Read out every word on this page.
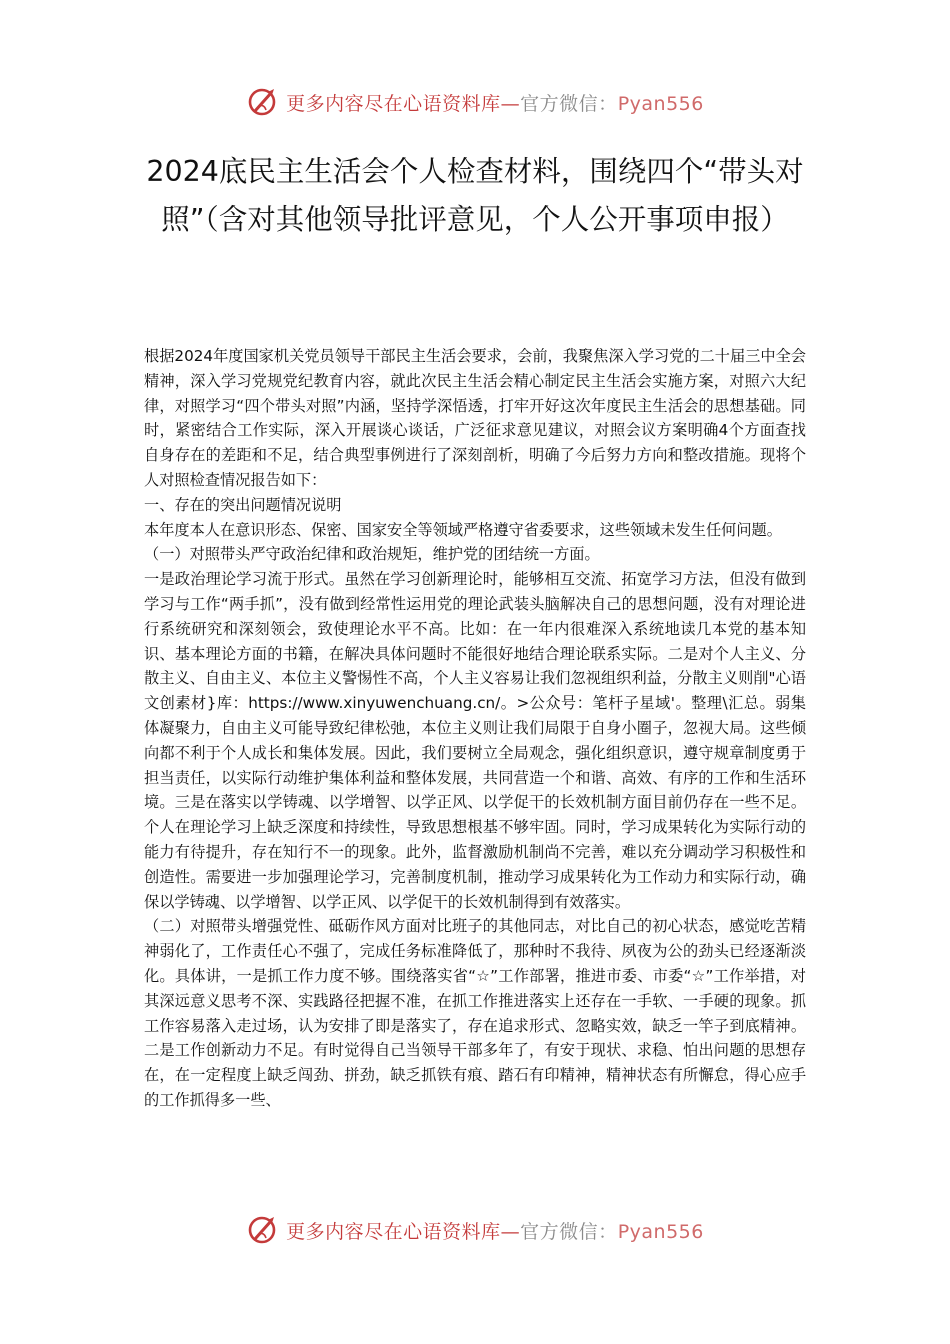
更多内容尽在心语资料库—官方微信：Pyan556
2024底民主生活会个人检查材料，围绕四个“带头对照”（含对其他领导批评意见，个人公开事项申报）

根据2024年度国家机关党员领导干部民主生活会要求，会前，我聚焦深入学习党的二十届三中全会精神，深入学习党规党纪教育内容，就此次民主生活会精心制定民主生活会实施方案，对照六大纪律，对照学习“四个带头对照”内涵，坚持学深悟透，打牢开好这次年度民主生活会的思想基础。同时，紧密结合工作实际，深入开展谈心谈话，广泛征求意见建议，对照会议方案明确4个方面查找自身存在的差距和不足，结合典型事例进行了深刻剖析，明确了今后努力方向和整改措施。现将个人对照检查情况报告如下：

一、存在的突出问题情况说明

本年度本人在意识形态、保密、国家安全等领域严格遵守省委要求，这些领域未发生任何问题。

（一）对照带头严守政治纪律和政治规矩，维护党的团结统一方面。

一是政治理论学习流于形式。虽然在学习创新理论时，能够相互交流、拓宽学习方法，但没有做到学习与工作“两手抓”，没有做到经常性运用党的理论武装头脑解决自己的思想问题，没有对理论进行系统研究和深刻领会，致使理论水平不高。比如：在一年内很难深入系统地读几本党的基本知识、基本理论方面的书籍，在解决具体问题时不能很好地结合理论联系实际。二是对个人主义、分散主义、自由主义、本位主义警惕性不高，个人主义容易让我们忽视组织利益，分散主义则削"心语文创素材}库：https://www.xinyuwenchuang.cn/。>公众号：笔杆子星域'。整理\汇总。弱集体凝聚力，自由主义可能导致纪律松弛，本位主义则让我们局限于自身小圈子，忽视大局。这些倾向都不利于个人成长和集体发展。因此，我们要树立全局观念，强化组织意识，遵守规章制度勇于担当责任，以实际行动维护集体利益和整体发展，共同营造一个和谐、高效、有序的工作和生活环境。三是在落实以学铸魂、以学增智、以学正风、以学促干的长效机制方面目前仍存在一些不足。个人在理论学习上缺乏深度和持续性，导致思想根基不够牢固。同时，学习成果转化为实际行动的能力有待提升，存在知行不一的现象。此外，监督激励机制尚不完善，难以充分调动学习积极性和创造性。需要进一步加强理论学习，完善制度机制，推动学习成果转化为工作动力和实际行动，确保以学铸魂、以学增智、以学正风、以学促干的长效机制得到有效落实。

（二）对照带头增强党性、砥砺作风方面对比班子的其他同志，对比自己的初心状态，感觉吃苦精神弱化了，工作责任心不强了，完成任务标准降低了，那种时不我待、夙夜为公的劲头已经逐渐淡化。具体讲，一是抓工作力度不够。围绕落实省“☆”工作部署，推进市委、市委“☆”工作举措，对其深远意义思考不深、实践路径把握不准，在抓工作推进落实上还存在一手软、一手硬的现象。抓工作容易落入走过场，认为安排了即是落实了，存在追求形式、忽略实效，缺乏一竿子到底精神。二是工作创新动力不足。有时觉得自己当领导干部多年了，有安于现状、求稳、怕出问题的思想存在，在一定程度上缺乏闯劲、拼劲，缺乏抓铁有痕、踏石有印精神，精神状态有所懈怠，得心应手的工作抓得多一些、

更多内容尽在心语资料库—官方微信：Pyan556
